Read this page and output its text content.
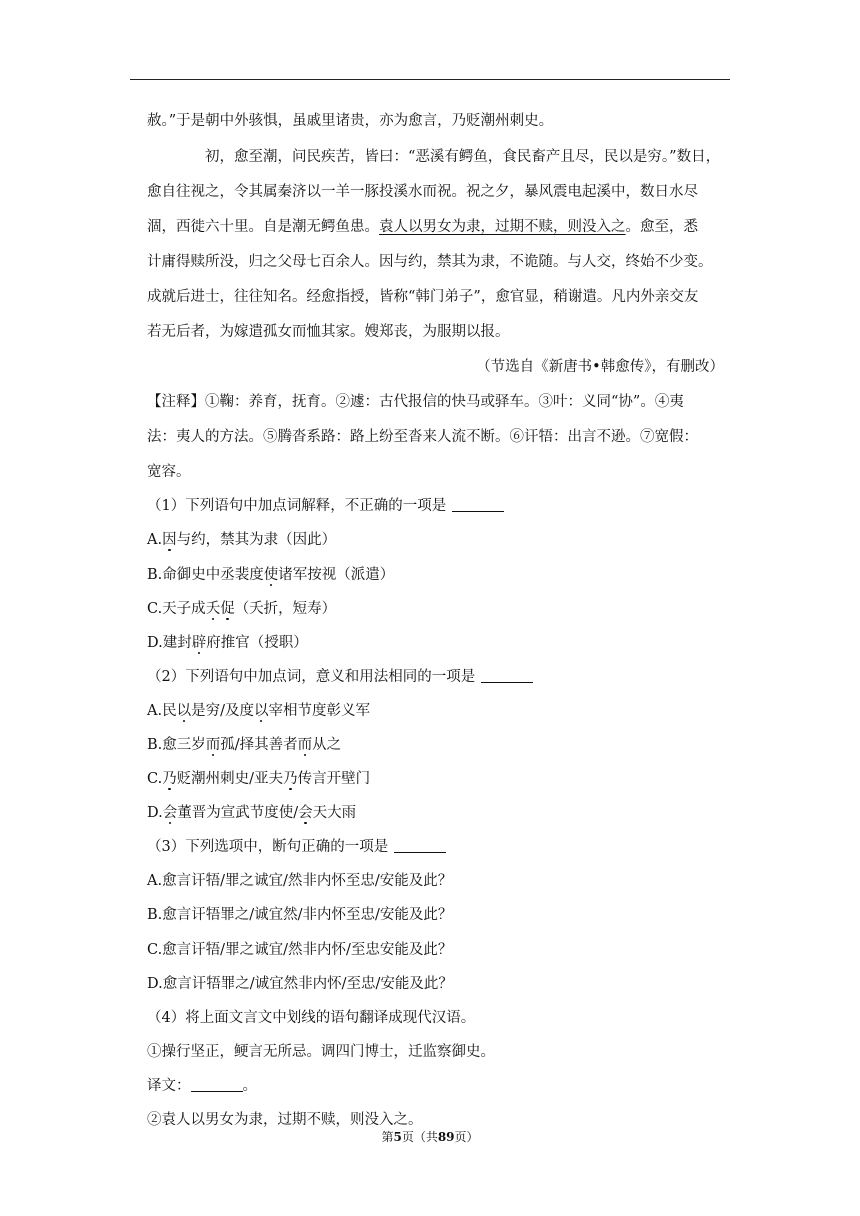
赦。”于是朝中外骇惧，虽戚里诸贵，亦为愈言，乃贬潮州刺史。
初，愈至潮，问民疾苦，皆曰：“恶溪有鳄鱼，食民畜产且尽，民以是穷。”数日，
愈自往视之，令其属秦济以一羊一豚投溪水而祝。祝之夕，暴风震电起溪中，数日水尽
涸，西徙六十里。自是潮无鳄鱼患。袁人以男女为隶，过期不赎，则没入之。愈至，悉
计庸得赎所没，归之父母七百余人。因与约，禁其为隶，不诡随。与人交，终始不少变。
成就后进士，往往知名。经愈指授，皆称“韩门弟子”，愈官显，稍谢遣。凡内外亲交友
若无后者，为嫁遣孤女而恤其家。嫂郑丧，为服期以报。
（节选自《新唐书•韩愈传》，有删改）
【注释】①鞠：养育，抚育。②遽：古代报信的快马或驿车。③叶：义同“协”。④夷
法：夷人的方法。⑤腾沓系路：路上纷至沓来人流不断。⑥讦牾：出言不逊。⑦宽假：
宽容。
（1）下列语句中加点词解释，不正确的一项是
A.因与约，禁其为隶（因此）
B.命御史中丞裴度使诸军按视（派遣）
C.天子成夭促（夭折，短寿）
D.建封辟府推官（授职）
（2）下列语句中加点词，意义和用法相同的一项是
A.民以是穷/及度以宰相节度彰义军
B.愈三岁而孤/择其善者而从之
C.乃贬潮州刺史/亚夫乃传言开壁门
D.会董晋为宣武节度使/会天大雨
（3）下列选项中，断句正确的一项是
A.愈言讦牾/罪之诚宜/然非内怀至忠/安能及此？
B.愈言讦牾罪之/诚宜然/非内怀至忠/安能及此？
C.愈言讦牾/罪之诚宜/然非内怀/至忠安能及此？
D.愈言讦牾罪之/诚宜然非内怀/至忠/安能及此？
（4）将上面文言文中划线的语句翻译成现代汉语。
①操行坚正，鲠言无所忌。调四门博士，迁监察御史。
译文：	。
②袁人以男女为隶，过期不赎，则没入之。
第5页（共89页）
